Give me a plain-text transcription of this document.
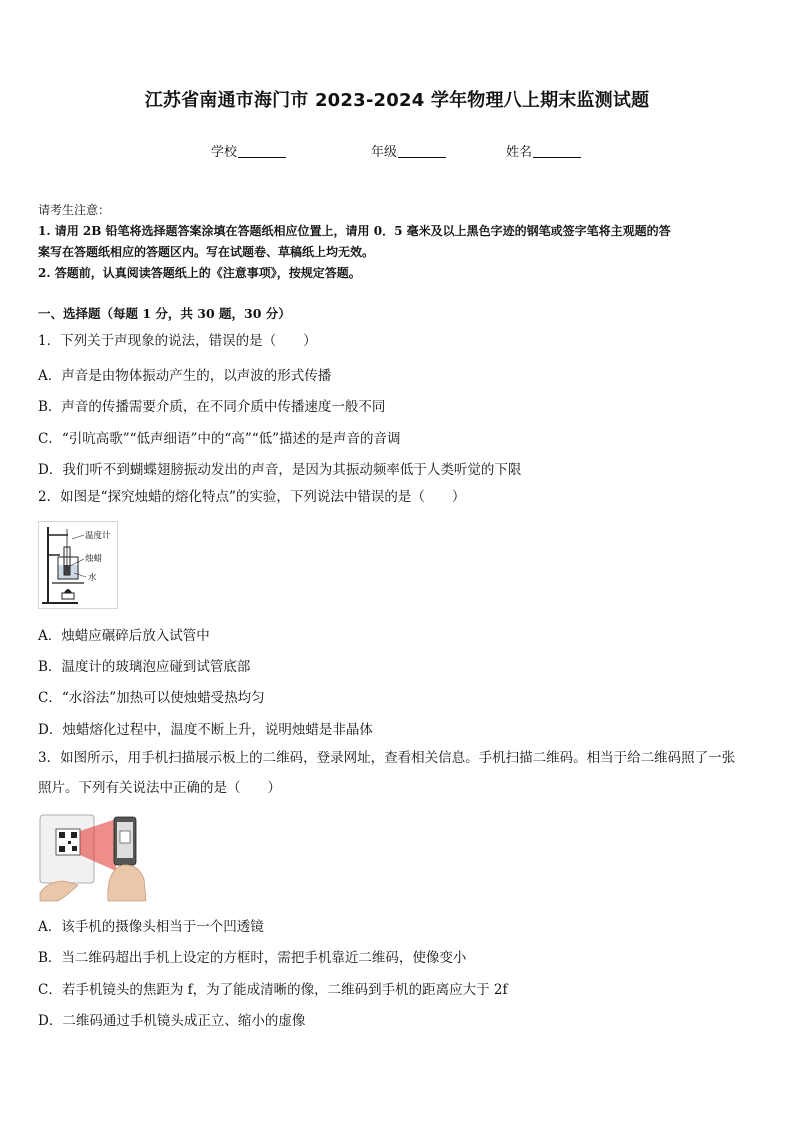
江苏省南通市海门市 2023-2024 学年物理八上期末监测试题
学校	年级	姓名
请考生注意：
1. 请用 2B 铅笔将选择题答案涂填在答题纸相应位置上，请用 0．5 毫米及以上黑色字迹的钢笔或签字笔将主观题的答
案写在答题纸相应的答题区内。写在试题卷、草稿纸上均无效。
2. 答题前，认真阅读答题纸上的《注意事项》，按规定答题。
一、选择题（每题 1 分，共 30 题，30 分）
1．下列关于声现象的说法，错误的是（　　）
A．声音是由物体振动产生的，以声波的形式传播
B．声音的传播需要介质，在不同介质中传播速度一般不同
C．“引吭高歌”“低声细语”中的“高”“低”描述的是声音的音调
D．我们听不到蝴蝶翅膀振动发出的声音，是因为其振动频率低于人类听觉的下限
2．如图是“探究烛蜡的熔化特点”的实验，下列说法中错误的是（　　）
温度计
烛蜡
水
A．烛蜡应碾碎后放入试管中
B．温度计的玻璃泡应碰到试管底部
C．“水浴法”加热可以使烛蜡受热均匀
D．烛蜡熔化过程中，温度不断上升，说明烛蜡是非晶体
3．如图所示，用手机扫描展示板上的二维码，登录网址，查看相关信息。手机扫描二维码。相当于给二维码照了一张
照片。下列有关说法中正确的是（　　）
A．该手机的摄像头相当于一个凹透镜
B．当二维码超出手机上设定的方框时，需把手机靠近二维码，使像变小
C．若手机镜头的焦距为 f，为了能成清晰的像，二维码到手机的距离应大于 2f
D．二维码通过手机镜头成正立、缩小的虚像
